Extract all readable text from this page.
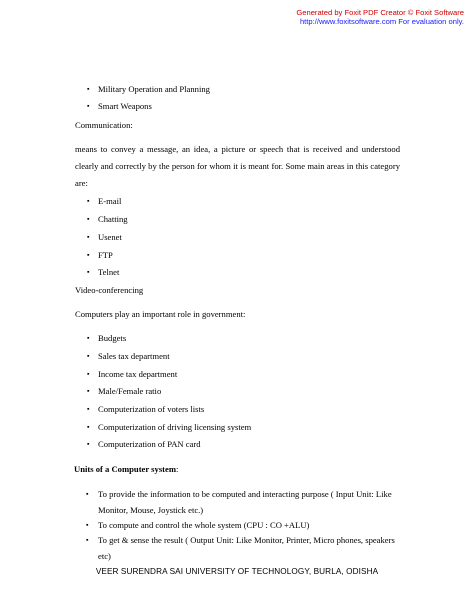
Generated by Foxit PDF Creator © Foxit Software
http://www.foxitsoftware.com For evaluation only.
▪ Military Operation and Planning
▪ Smart Weapons
Communication:
means to convey a message, an idea, a picture or speech that is received and understood clearly and correctly by the person for whom it is meant for. Some main areas in this category are:
▪ E-mail
▪ Chatting
▪ Usenet
▪ FTP
▪ Telnet
Video-conferencing
Computers play an important role in government:
▪ Budgets
▪ Sales tax department
▪ Income tax department
▪ Male/Female ratio
▪ Computerization of voters lists
▪ Computerization of driving licensing system
▪ Computerization of PAN card
Units of a Computer system:
▪ To provide the information to be computed and interacting purpose ( Input Unit: Like Monitor, Mouse, Joystick etc.)
▪ To compute and control the whole system (CPU : CO +ALU)
▪ To get & sense the result ( Output Unit: Like Monitor, Printer, Micro phones, speakers etc)
VEER SURENDRA SAI UNIVERSITY OF TECHNOLOGY, BURLA, ODISHA
